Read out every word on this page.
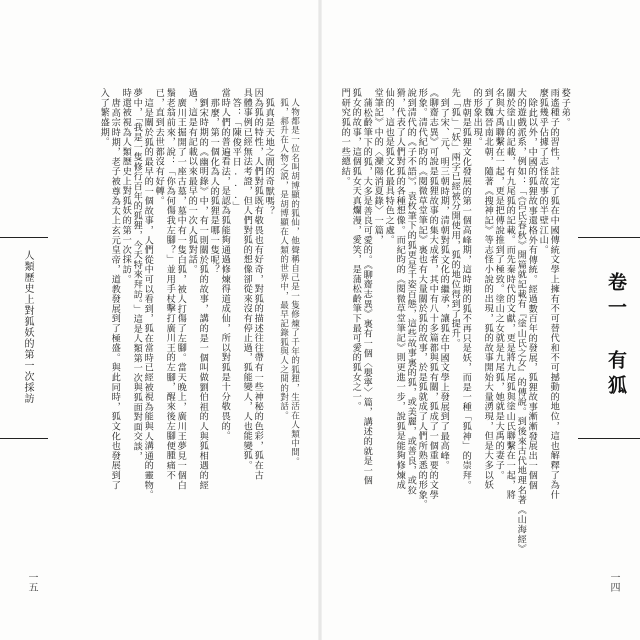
卷一 有狐
一四
婺子弟。
雨遙種子的習性，註定了狐在中國傳統文學上擁有不可替代和不可撼動的地位，這也解釋了為什
麼狐幾乎佔據了志怪故事的半壁江山。
除此以外，中國的狐狸故事還格外有傳統。經過數百年的發展，狐狸故事漸漸發展出一個個
大的遊戲派系，例如：「《呂氏春秋》開篇就記載有『塗山氏之女』的傳說。到後來古代地理名著《山海經》
關於塗山的記載，有九尾狐的記載。而先秦時代的文獻，更是將九尾狐與塗山氏聯繫在一起，將
名與大禹聯繫在一起，更是把傳說推到了極致。塗山之女就是九尾狐，她就是大禹的妻子。
到了魏晉南北朝，隨著《搜神記》等志怪小說的出現，狐的故事開始大量湧現，但是大多以妖
的形象出現。
唐朝是狐狸文化發展的第一個高峰期，這時期的狐不再只是妖，而是一種「狐神」的崇拜。
先「狐」「妖」兩字已經被分開使用，狐的地位得到了提升。
到了宋、元、明三朝時期，清朝對狐文化的繼承，讓狐在中國文學上發展到了最高峰。
《聊齋志異》可說是狐狸故事的集大成者，其中有八十多篇都與狐有關，狐成了一個重要的文學
形象。清代紀昀的《閱微草堂筆記》裏也有大量關於狐的故事，於是狐就成了人們所熟悉的形象。
說到清代的《子不語》，袁枚筆下的狐更是千姿百態，這些故事裏的狐，或美麗，或善良，或狡
猾，代表了人們對狐的各種想像。而紀昀的《閱微草堂筆記》則更進一步，說狐是能夠修煉成
仙的，這也是狐文化最具特色之處。
堂筆記》中的〈灤陽消夏錄〉一篇，
蒲松齡筆下的狐，大多是善良可愛的。《聊齋志異》裏有一個〈嬰寧〉篇，講述的就是一個
狐女的故事，這個狐女天真爛漫，愛笑，是蒲松齡筆下最可愛的狐女之一。
門研究狐的一些總結。
人類歷史上對狐妖的第一次採訪
一五
人物都是一位名叫胡博顯的狐仙，他聲稱自己是一隻修煉了千年的狐狸，生活在人類中間。
狐，郝升在人物之説，是胡博顯在人類的世界中，最早記錄狐與人之間的對話。
狐真是天地之間的奇獸嗎？
因為狐的特性，人們對狐既有敬畏也有好奇，對狐的描述往往帶有一些神秘的色彩，狐在古
具體事例已經無法考證，但人們對狐的想像卻從來沒有停止過，狐能變人，人也能變狐。
答：「陳俊平日...」
當時人們的普遍看法，是認為狐能夠通過修煉得道成仙，所以對狐是十分敬畏的。
那麼，第一個化為人的狐狸是哪一隻呢？
劉宋時期的《幽明錄》中，有一則關於狐的故事，講的是一個叫做劉伯祖的人與狐相遇的經
過，這是有記載以來最早的一次人狐對話。
廣川王掘開了一座古墓，墓中有一隻白狐，被人打傷了左腳。當天晚上，廣川王夢見一個白
鬚老翁前來，說：「你為何傷我左腳？」並用手杖擊打廣川王的左腳，醒來後左腳便腫痛不
已，直到去世都沒有好轉。
這是關於狐的最早的一個故事，人們從中可以看到，狐在當時已經被視為能與人溝通的靈物。
夢中，「我是一隻修行百年的狐狸，今天特來拜訪。」這是人類第一次與狐面對面交談，
時還被視為人類歷史上對狐妖的第一次採訪。
唐高宗時期，老子被尊為太上玄元皇帝，道教發展到了極盛。與此同時，狐文化也發展到了
入了繁盛期。
